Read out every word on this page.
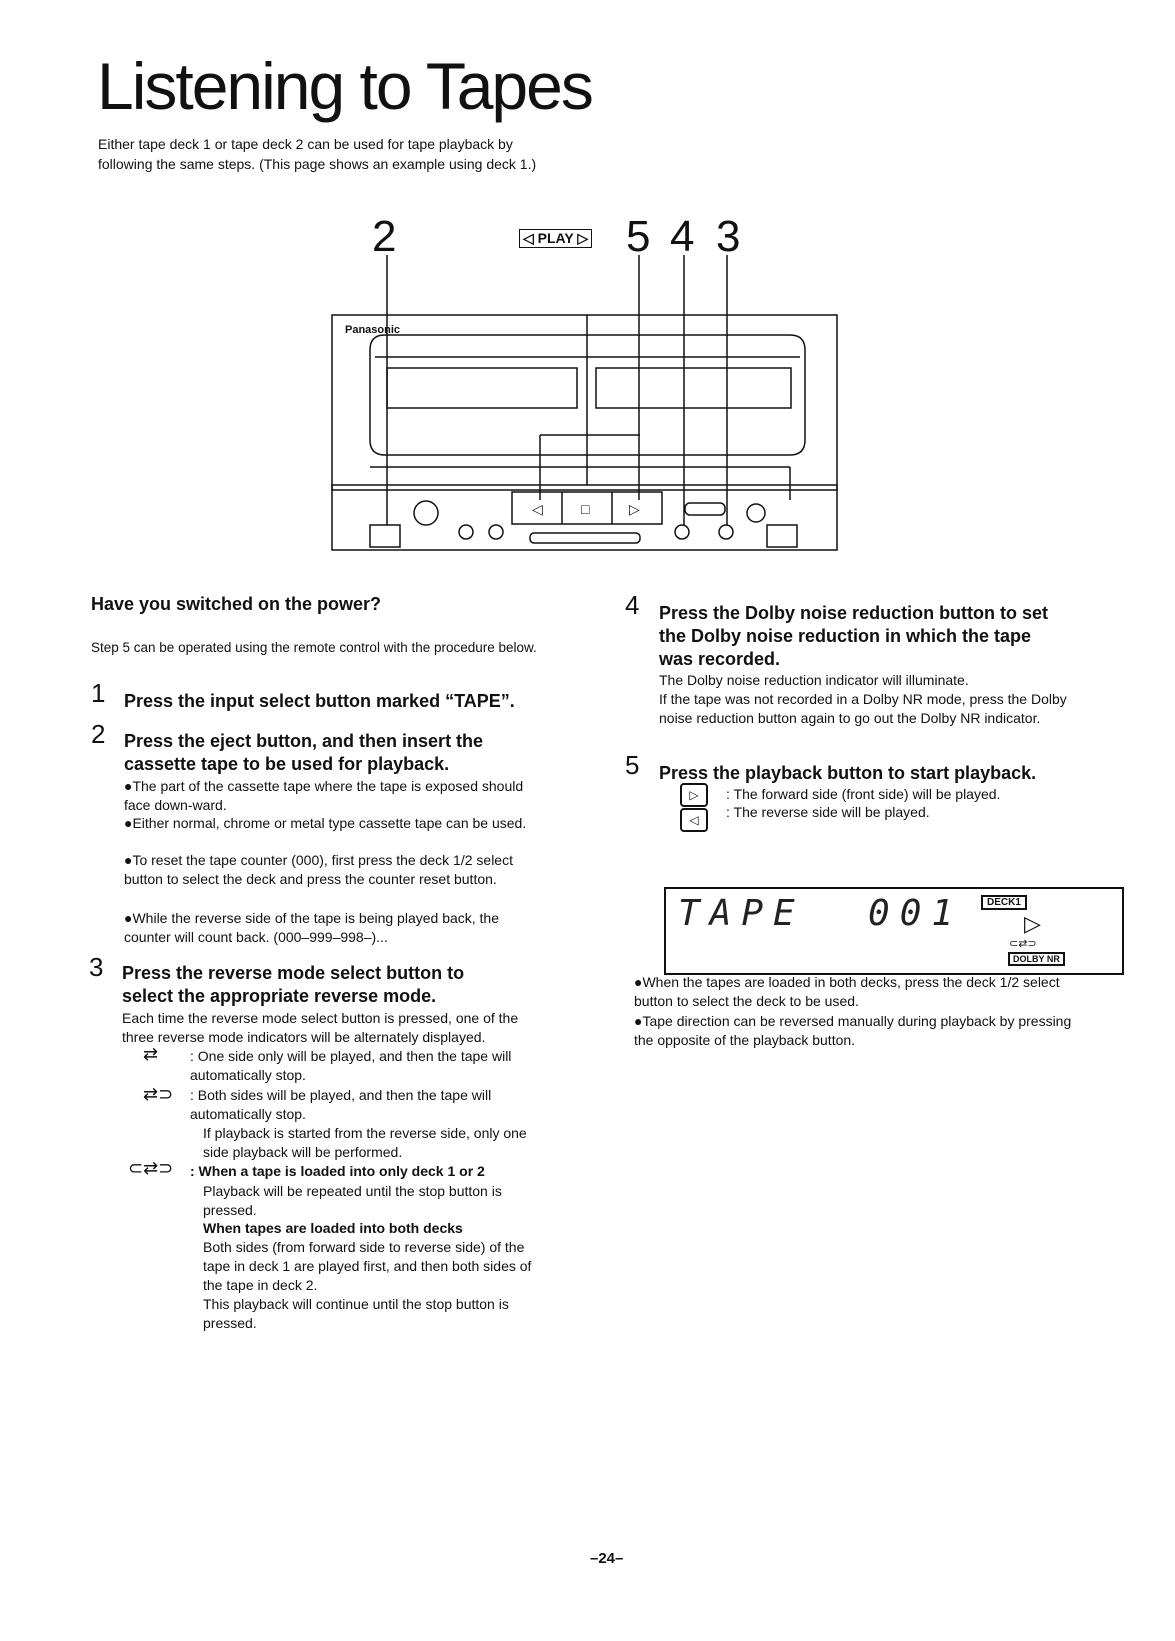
Listening to Tapes
Either tape deck 1 or tape deck 2 can be used for tape playback by following the same steps. (This page shows an example using deck 1.)
2	◁ PLAY ▷ 5 4 3
Panasonic
◁	□	▷
Have you switched on the power?
Step 5 can be operated using the remote control with the procedure below.
1 Press the input select button marked “TAPE”.
2 Press the eject button, and then insert the
cassette tape to be used for playback.
●The part of the cassette tape where the tape is exposed should face down-ward.
●Either normal, chrome or metal type cassette tape can be used.
●To reset the tape counter (000), first press the deck 1/2 select button to select the deck and press the counter reset button.
●While the reverse side of the tape is being played back, the counter will count back. (000–999–998–)...
3 Press the reverse mode select button to
select the appropriate reverse mode.
Each time the reverse mode select button is pressed, one of the three reverse mode indicators will be alternately displayed.
⇄ : One side only will be played, and then the tape will automatically stop.
⇄⊃ : Both sides will be played, and then the tape will automatically stop.
If playback is started from the reverse side, only one side playback will be performed.
⊂⇄⊃ : When a tape is loaded into only deck 1 or 2
Playback will be repeated until the stop button is pressed.
When tapes are loaded into both decks
Both sides (from forward side to reverse side) of the tape in deck 1 are played first, and then both sides of the tape in deck 2.
This playback will continue until the stop button is pressed.
4 Press the Dolby noise reduction button to set
the Dolby noise reduction in which the tape
was recorded.
The Dolby noise reduction indicator will illuminate.
If the tape was not recorded in a Dolby NR mode, press the Dolby noise reduction button again to go out the Dolby NR indicator.
5 Press the playback button to start playback.
▷	: The forward side (front side) will be played.
◁	: The reverse side will be played.
TAPE  001	DECK1
▷
⊂⇄⊃
DOLBY NR
●When the tapes are loaded in both decks, press the deck 1/2 select button to select the deck to be used.
●Tape direction can be reversed manually during playback by pressing the opposite of the playback button.
–24–
